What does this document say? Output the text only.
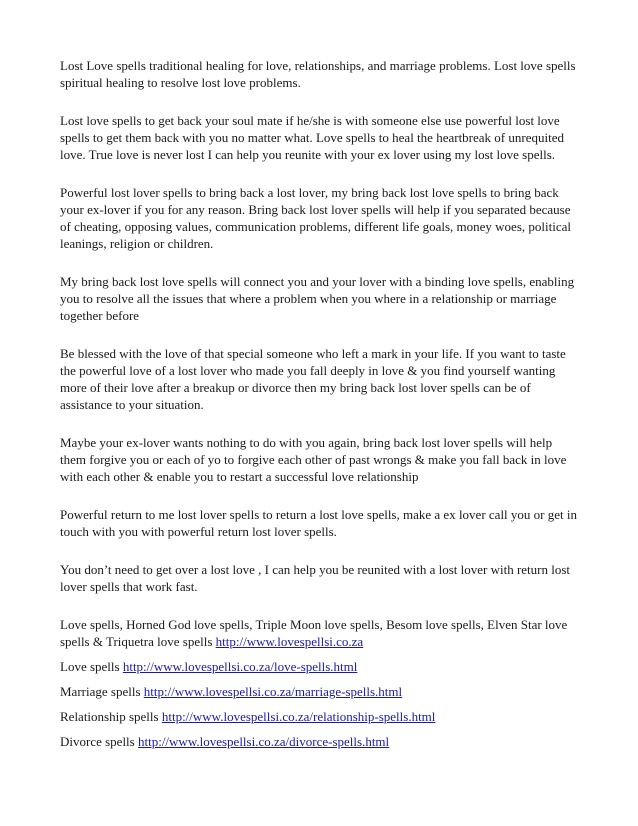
Lost Love spells traditional healing for love, relationships, and marriage problems. Lost love spells spiritual healing to resolve lost love problems.

Lost love spells to get back your soul mate if he/she is with someone else use powerful lost love spells to get them back with you no matter what. Love spells to heal the heartbreak of unrequited love. True love is never lost I can help you reunite with your ex lover using my lost love spells.

Powerful lost lover spells to bring back a lost lover, my bring back lost love spells to bring back your ex-lover if you for any reason. Bring back lost lover spells will help if you separated because of cheating, opposing values, communication problems, different life goals, money woes, political leanings, religion or children.

My bring back lost love spells will connect you and your lover with a binding love spells, enabling you to resolve all the issues that where a problem when you where in a relationship or marriage together before

Be blessed with the love of that special someone who left a mark in your life. If you want to taste the powerful love of a lost lover who made you fall deeply in love & you find yourself wanting more of their love after a breakup or divorce then my bring back lost lover spells can be of assistance to your situation.

Maybe your ex-lover wants nothing to do with you again, bring back lost lover spells will help them forgive you or each of yo to forgive each other of past wrongs & make you fall back in love with each other & enable you to restart a successful love relationship

Powerful return to me lost lover spells to return a lost love spells, make a ex lover call you or get in touch with you with powerful return lost lover spells.

You don’t need to get over a lost love , I can help you be reunited with a lost lover with return lost lover spells that work fast.

Love spells, Horned God love spells, Triple Moon love spells, Besom love spells, Elven Star love spells & Triquetra love spells http://www.lovespellsi.co.za

Love spells http://www.lovespellsi.co.za/love-spells.html

Marriage spells http://www.lovespellsi.co.za/marriage-spells.html

Relationship spells http://www.lovespellsi.co.za/relationship-spells.html

Divorce spells http://www.lovespellsi.co.za/divorce-spells.html
